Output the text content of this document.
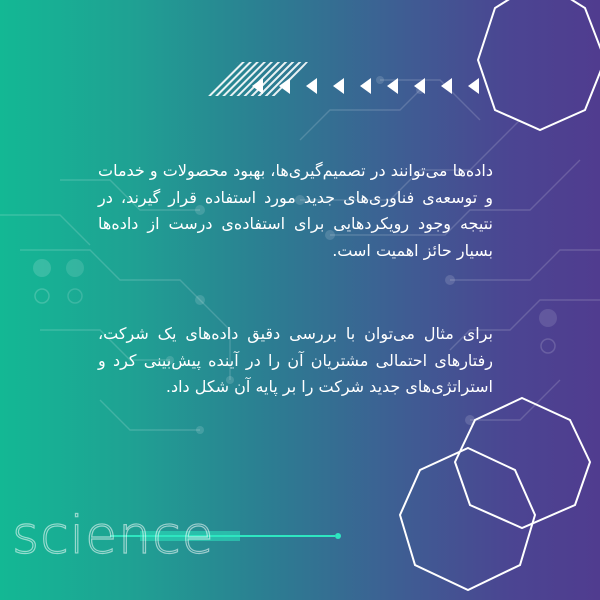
داده‌ها می‌توانند در تصمیم‌گیری‌ها، بهبود محصولات و خدمات و توسعه‌ی فناوری‌های جدید مورد استفاده قرار گیرند، در نتیجه وجود رویکردهایی برای استفاده‌ی درست از داده‌ها بسیار حائز اهمیت است.

برای مثال می‌توان با بررسی دقیق داده‌های یک شرکت، رفتارهای احتمالی مشتریان آن را در آینده پیش‌بینی کرد و استراتژی‌های جدید شرکت را بر پایه آن شکل داد.

science
